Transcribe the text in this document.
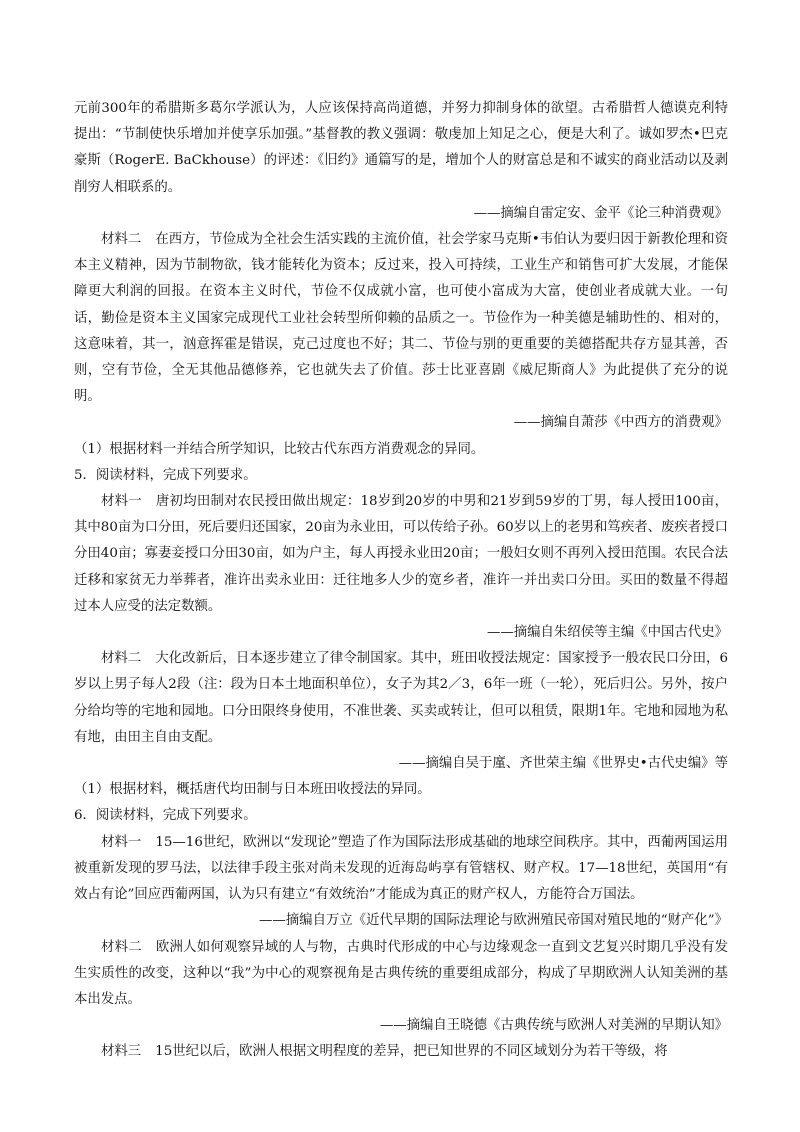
元前300年的希腊斯多葛尔学派认为，人应该保持高尚道德，并努力抑制身体的欲望。古希腊哲人德谟克利特提出：“节制使快乐增加并使享乐加强。”基督教的教义强调：敬虔加上知足之心，便是大利了。诚如罗杰•巴克豪斯（RogerE. BaCkhouse）的评述：《旧约》通篇写的是，增加个人的财富总是和不诚实的商业活动以及剥削穷人相联系的。

——摘编自雷定安、金平《论三种消费观》

材料二 在西方，节俭成为全社会生活实践的主流价值，社会学家马克斯•韦伯认为要归因于新教伦理和资本主义精神，因为节制物欲，钱才能转化为资本；反过来，投入可持续，工业生产和销售可扩大发展，才能保障更大利润的回报。在资本主义时代，节俭不仅成就小富，也可使小富成为大富，使创业者成就大业。一句话，勤俭是资本主义国家完成现代工业社会转型所仰赖的品质之一。节俭作为一种美德是辅助性的、相对的，这意味着，其一，汹意挥霍是错误，克己过度也不好；其二、节俭与别的更重要的美德搭配共存方显其善，否则，空有节俭，全无其他品德修养，它也就失去了价值。莎士比亚喜剧《威尼斯商人》为此提供了充分的说明。

——摘编自萧莎《中西方的消费观》

（1）根据材料一并结合所学知识，比较古代东西方消费观念的异同。

5．阅读材料，完成下列要求。

材料一 唐初均田制对农民授田做出规定：18岁到20岁的中男和21岁到59岁的丁男，每人授田100亩，其中80亩为口分田，死后要归还国家，20亩为永业田，可以传给子孙。60岁以上的老男和笃疾者、废疾者授口分田40亩；寡妻妾授口分田30亩，如为户主，每人再授永业田20亩；一般妇女则不再列入授田范围。农民合法迁移和家贫无力举葬者，准许出卖永业田：迁往地多人少的宽乡者，准许一并出卖口分田。买田的数量不得超过本人应受的法定数额。

——摘编自朱绍侯等主编《中国古代史》

材料二 大化改新后，日本逐步建立了律令制国家。其中，班田收授法规定：国家授予一般农民口分田，6岁以上男子每人2段（注：段为日本土地面积单位），女子为其2／3，6年一班（一轮），死后归公。另外，按户分给均等的宅地和园地。口分田限终身使用，不准世袭、买卖或转让，但可以租赁，限期1年。宅地和园地为私有地，由田主自由支配。

——摘编自吴于廑、齐世荣主编《世界史•古代史编》等

（1）根据材料，概括唐代均田制与日本班田收授法的异同。

6．阅读材料，完成下列要求。

材料一 15—16世纪，欧洲以“发现论”塑造了作为国际法形成基础的地球空间秩序。其中，西葡两国运用被重新发现的罗马法，以法律手段主张对尚未发现的近海岛屿享有管辖权、财产权。17—18世纪，英国用“有效占有论”回应西葡两国，认为只有建立“有效统治”才能成为真正的财产权人，方能符合万国法。

——摘编自万立《近代早期的国际法理论与欧洲殖民帝国对殖民地的“财产化”》

材料二 欧洲人如何观察异域的人与物，古典时代形成的中心与边缘观念一直到文艺复兴时期几乎没有发生实质性的改变，这种以“我”为中心的观察视角是古典传统的重要组成部分，构成了早期欧洲人认知美洲的基本出发点。

——摘编自王晓德《古典传统与欧洲人对美洲的早期认知》

材料三 15世纪以后，欧洲人根据文明程度的差异，把已知世界的不同区域划分为若干等级，将
